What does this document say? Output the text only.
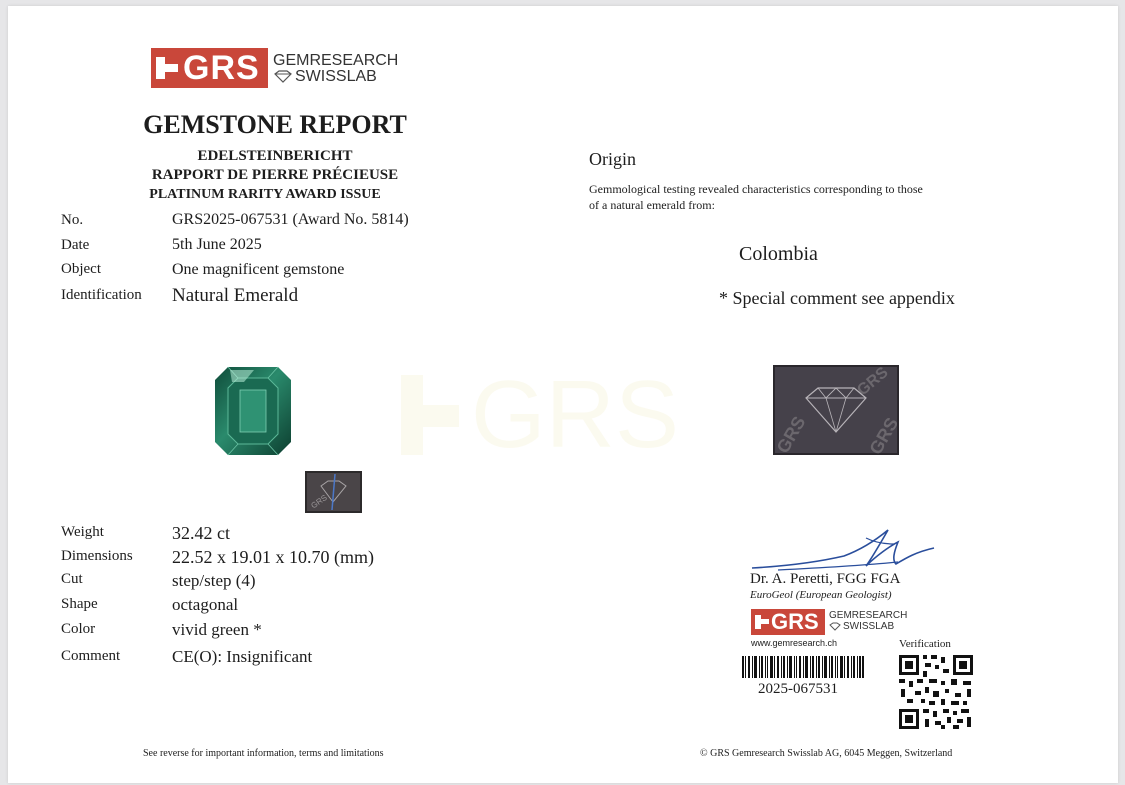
GRS GEMRESEARCH
SWISSLAB
GEMSTONE REPORT
EDELSTEINBERICHT
RAPPORT DE PIERRE PRÉCIEUSE
PLATINUM RARITY AWARD ISSUE
No.	GRS2025-067531 (Award No. 5814)
Date	5th June 2025
Object	One magnificent gemstone
Identification Natural Emerald
Origin
Gemmological testing revealed characteristics corresponding to those
of a natural emerald from:
Colombia
* Special comment see appendix
GRS
GRS
GRS	GRS
GRS
Weight	32.42 ct
Dimensions 22.52 x 19.01 x 10.70 (mm)
Cut	step/step (4)
Shape	octagonal
Color	vivid green *
Comment	CE(O): Insignificant
Dr. A. Peretti, FGG FGA
EuroGeol (European Geologist)
GRS GEMRESEARCH
SWISSLAB
www.gemresearch.ch	Verification
2025-067531
See reverse for important information, terms and limitations	© GRS Gemresearch Swisslab AG, 6045 Meggen, Switzerland
